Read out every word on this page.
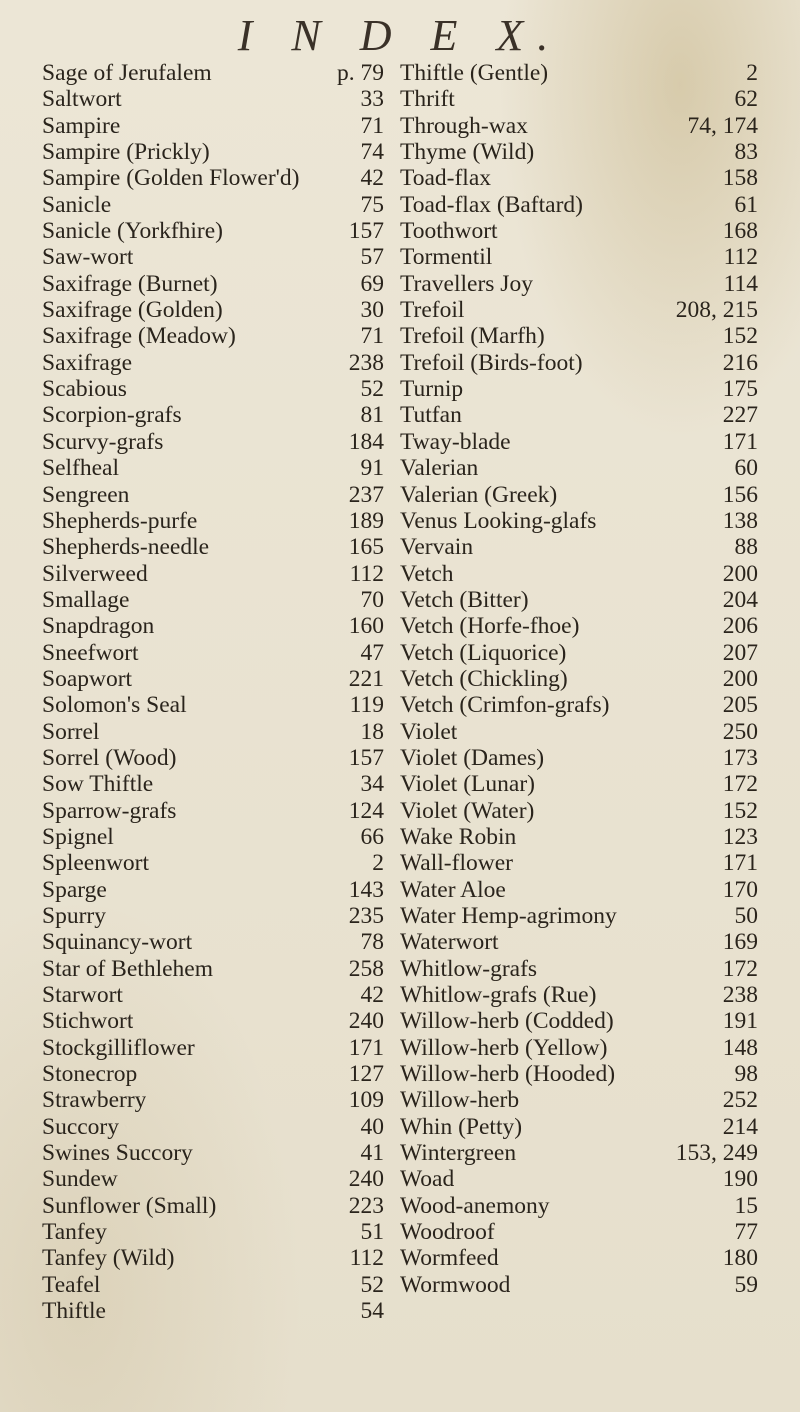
I N D E X.
Sage of Jerufalem	p. 79
Saltwort	33
Sampire	71
Sampire (Prickly)	74
Sampire (Golden Flower'd)	42
Sanicle	75
Sanicle (Yorkfhire)	157
Saw-wort	57
Saxifrage (Burnet)	69
Saxifrage (Golden)	30
Saxifrage (Meadow)	71
Saxifrage	238
Scabious	52
Scorpion-grafs	81
Scurvy-grafs	184
Selfheal	91
Sengreen	237
Shepherds-purfe	189
Shepherds-needle	165
Silverweed	112
Smallage	70
Snapdragon	160
Sneefwort	47
Soapwort	221
Solomon's Seal	119
Sorrel	18
Sorrel (Wood)	157
Sow Thiftle	34
Sparrow-grafs	124
Spignel	66
Spleenwort	2
Sparge	143
Spurry	235
Squinancy-wort	78
Star of Bethlehem	258
Starwort	42
Stichwort	240
Stockgilliflower	171
Stonecrop	127
Strawberry	109
Succory	40
Swines Succory	41
Sundew	240
Sunflower (Small)	223
Tanfey	51
Tanfey (Wild)	112
Teafel	52
Thiftle	54
Thiftle (Gentle)	2
Thrift	62
Through-wax	74, 174
Thyme (Wild)	83
Toad-flax	158
Toad-flax (Baftard)	61
Toothwort	168
Tormentil	112
Travellers Joy	114
Trefoil	208, 215
Trefoil (Marfh)	152
Trefoil (Birds-foot)	216
Turnip	175
Tutfan	227
Tway-blade	171
Valerian	60
Valerian (Greek)	156
Venus Looking-glafs	138
Vervain	88
Vetch	200
Vetch (Bitter)	204
Vetch (Horfe-fhoe)	206
Vetch (Liquorice)	207
Vetch (Chickling)	200
Vetch (Crimfon-grafs)	205
Violet	250
Violet (Dames)	173
Violet (Lunar)	172
Violet (Water)	152
Wake Robin	123
Wall-flower	171
Water Aloe	170
Water Hemp-agrimony	50
Waterwort	169
Whitlow-grafs	172
Whitlow-grafs (Rue)	238
Willow-herb (Codded)	191
Willow-herb (Yellow)	148
Willow-herb (Hooded)	98
Willow-herb	252
Whin (Petty)	214
Wintergreen	153, 249
Woad	190
Wood-anemony	15
Woodroof	77
Wormfeed	180
Wormwood	59
